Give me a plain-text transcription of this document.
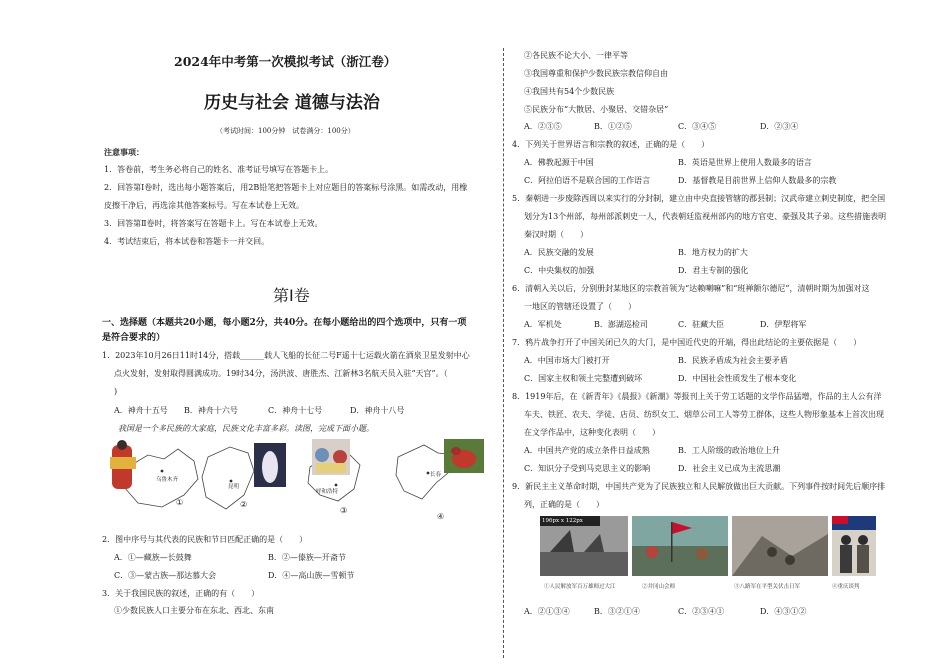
2024年中考第一次模拟考试（浙江卷）
历史与社会 道德与法治
（考试时间：100分钟　试卷满分：100分）
注意事项：
1．答卷前，考生务必将自己的姓名、准考证号填写在答题卡上。
2．回答第Ⅰ卷时，选出每小题答案后，用2B铅笔把答题卡上对应题目的答案标号涂黑。如需改动，用橡
皮擦干净后，再选涂其他答案标号。写在本试卷上无效。
3．回答第Ⅱ卷时，将答案写在答题卡上。写在本试卷上无效。
4．考试结束后，将本试卷和答题卡一并交回。
第Ⅰ卷
一、选择题（本题共20小题，每小题2分，共40分。在每小题给出的四个选项中，只有一项
是符合要求的）
1．2023年10月26日11时14分，搭载______载人飞船的长征二号F遥十七运载火箭在酒泉卫星发射中心
点火发射，发射取得圆满成功。19时34分，汤洪波、唐胜杰、江新林3名航天员入驻“天宫”。（
)
A．神舟十五号 B．神舟十六号	C．神舟十七号	D．神舟十八号
我国是一个多民族的大家庭，民族文化丰富多彩。读图，完成下面小题。
乌鲁木齐
昆明
呼和浩特
长春
①	②
③
④
2．图中序号与其代表的民族和节日匹配正确的是（　　）
A．①—藏族—长鼓舞	B．②—傣族—开斋节
C．③—蒙古族—那达慕大会	D．④—高山族—雪顿节
3．关于我国民族的叙述，正确的有（　　）
①少数民族人口主要分布在东北、西北、东南
②各民族不论大小、一律平等
③我国尊重和保护少数民族宗教信仰自由
④我国共有54个少数民族
⑤民族分布“大散居、小聚居、交错杂居”
A．②③⑤	B．①②⑤	C．③④⑤	D．②③④
4．下列关于世界语言和宗教的叙述，正确的是（　　）
A．佛教起源于中国	B．英语是世界上使用人数最多的语言
C．阿拉伯语不是联合国的工作语言	D．基督教是目前世界上信仰人数最多的宗教
5．秦朝进一步废除西周以来实行的分封制，建立由中央直接管辖的郡县制；汉武帝建立刺史制度，把全国
划分为13个州部，每州部派刺史一人，代表朝廷监视州部内的地方官吏、豪强及其子弟。这些措施表明
秦汉时期（　　）
A．民族交融的发展	B．地方权力的扩大
C．中央集权的加强	D．君主专制的强化
6．清朝入关以后，分别册封某地区的宗教首领为“达赖喇嘛”和“班禅额尔德尼”，清朝时期为加强对这
一地区的管辖还设置了（　　）
A．军机处	B．澎湖巡检司	C．驻藏大臣	D．伊犁将军
7．鸦片战争打开了中国关闭已久的大门，是中国近代史的开端，得出此结论的主要依据是（　　）
A．中国市场大门被打开	B．民族矛盾成为社会主要矛盾
C．国家主权和领土完整遭到破坏	D．中国社会性质发生了根本变化
8．1919年后，在《新青年》《晨报》《新潮》等报刊上关于劳工话题的文学作品猛增，作品的主人公有洋
车夫、铁匠、农夫、学徒、店员、纺织女工、烟草公司工人等劳工群体，这些人物形象基本上首次出现
在文学作品中，这种变化表明（　　）
A．中国共产党的成立条件日益成熟	B．工人阶级的政治地位上升
C．知识分子受到马克思主义的影响	D．社会主义已成为主流思潮
9．新民主主义革命时期，中国共产党为了民族独立和人民解放做出巨大贡献。下列事件按时间先后顺序排
列，正确的是（　　）
196px x 122px
①人民解放军百万雄师过大江	②井冈山会师	③八路军在平型关伏击日军	④重庆谈判
A．②①③④	B．③②①④	C．②③④①	D．④③①②
